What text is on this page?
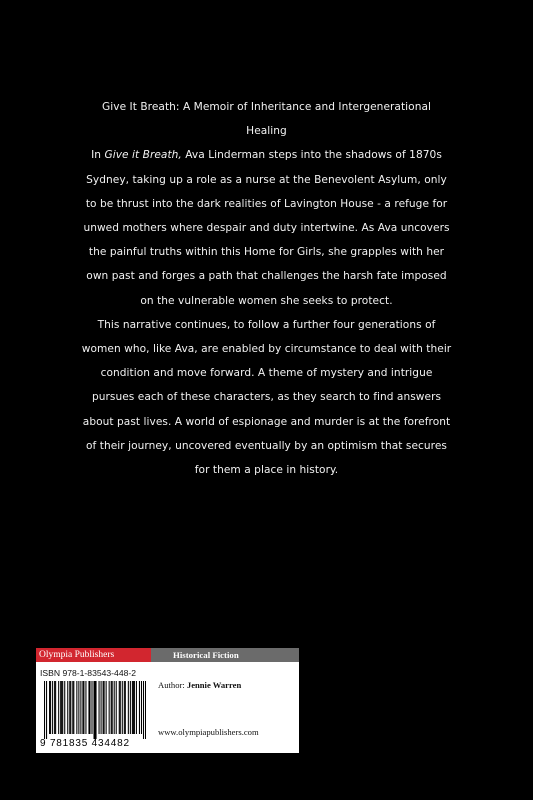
Give It Breath: A Memoir of Inheritance and Intergenerational Healing

In Give it Breath, Ava Linderman steps into the shadows of 1870s Sydney, taking up a role as a nurse at the Benevolent Asylum, only to be thrust into the dark realities of Lavington House - a refuge for unwed mothers where despair and duty intertwine. As Ava uncovers the painful truths within this Home for Girls, she grapples with her own past and forges a path that challenges the harsh fate imposed on the vulnerable women she seeks to protect.

This narrative continues, to follow a further four generations of women who, like Ava, are enabled by circumstance to deal with their condition and move forward. A theme of mystery and intrigue pursues each of these characters, as they search to find answers about past lives. A world of espionage and murder is at the forefront of their journey, uncovered eventually by an optimism that secures for them a place in history.

Olympia Publishers	Historical Fiction
ISBN 978-1-83543-448-2
9 781835 434482
Author: Jennie Warren
www.olympiapublishers.com
